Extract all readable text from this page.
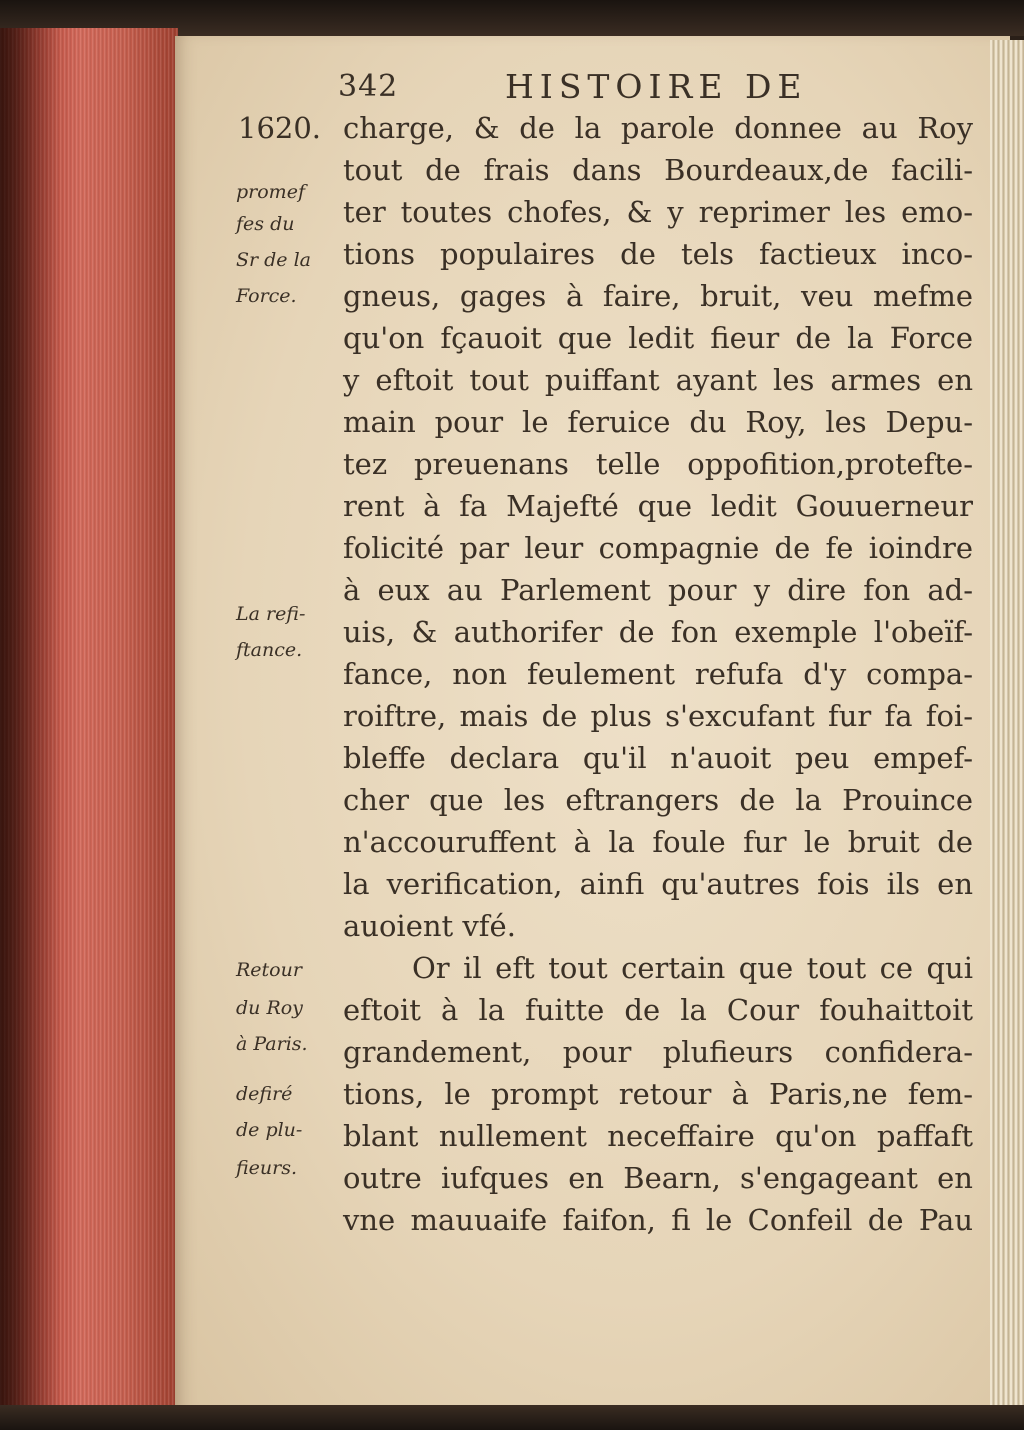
342	HISTOIRE DE
1620. charge, & de la parole donnee au Roy
tout de frais dans Bourdeaux,de facili-
ter toutes chofes, & y reprimer les emo-
tions populaires de tels factieux inco-
gneus, gages à faire, bruit, veu mefme
qu'on fçauoit que ledit fieur de la Force
y eftoit tout puiffant ayant les armes en
main pour le feruice du Roy, les Depu-
tez preuenans telle oppofition,protefte-
rent à fa Majefté que ledit Gouuerneur
folicité par leur compagnie de fe ioindre
à eux au Parlement pour y dire fon ad-
uis, & authorifer de fon exemple l'obeïf-
fance, non feulement refufa d'y compa-
roiftre, mais de plus s'excufant fur fa foi-
bleffe declara qu'il n'auoit peu empef-
cher que les eftrangers de la Prouince
n'accouruffent à la foule fur le bruit de
la verification, ainfi qu'autres fois ils en
auoient vfé.
Or il eft tout certain que tout ce qui
eftoit à la fuitte de la Cour fouhaittoit
grandement, pour plufieurs confidera-
tions, le prompt retour à Paris,ne fem-
blant nullement neceffaire qu'on paffaft
outre iufques en Bearn, s'engageant en
vne mauuaife faifon, fi le Confeil de Pau
promef
fes du
Sr de la
Force.
La refi-
ftance.
Retour
du Roy
à Paris.
defiré
de plu-
fieurs.
